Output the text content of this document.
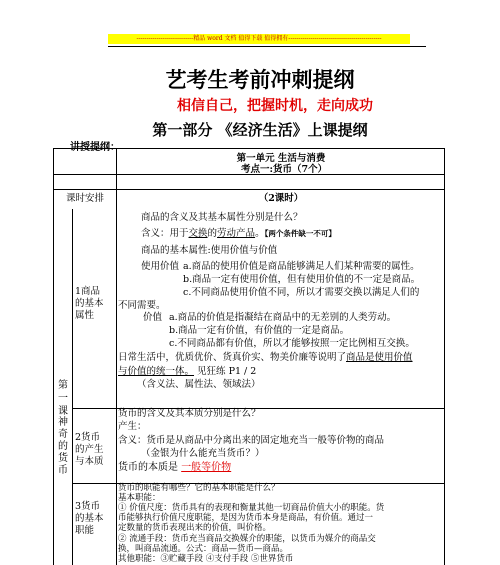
----------------------------精品 word 文档 值得下载 值得拥有----------------------------------------------
艺考生考前冲刺提纲
相信自己，把握时机，走向成功
第一部分 《经济生活》上课提纲
讲授提纲：
第一单元 生活与消费
考点一:货币（7个）
课时安排	（2课时）
第一课
神奇的货币
1商品
的基本
属性
商品的含义及其基本属性分别是什么？
含义：用于交换的劳动产品。【两个条件缺一不可】
商品的基本属性:使用价值与价值
使用价值 a.商品的使用价值是商品能够满足人们某种需要的属性。
b.商品一定有使用价值，但有使用价值的不一定是商品。
c.不同商品使用价值不同，所以才需要交换以满足人们的
不同需要。
价值 a.商品的价值是指凝结在商品中的无差别的人类劳动。
b.商品一定有价值，有价值的一定是商品。
c.不同商品都有价值，所以才能够按照一定比例相互交换。
日常生活中，优质优价、货真价实、物美价廉等说明了商品是使用价值
与价值的统一体。 见狂练 P1 / 2
（含义法、属性法、领域法）
2货币
的产生
与本质
货币的含义及其本质分别是什么？
产生：
含义：货币是从商品中分离出来的固定地充当一般等价物的商品
（金银为什么能充当货币？）
货币的本质是 一般等价物
3货币
的基本
职能
货币的职能有哪些？它的基本职能是什么？
基本职能：
① 价值尺度：货币具有的表现和衡量其他一切商品价值大小的职能。货
币能够执行价值尺度职能，是因为货币本身是商品，有价值。通过一
定数量的货币表现出来的价值，叫价格。
② 流通手段：货币充当商品交换媒介的职能，以货币为媒介的商品交
换，叫商品流通。公式：商品—货币—商品。
其他职能：③贮藏手段 ④支付手段 ⑤世界货币
